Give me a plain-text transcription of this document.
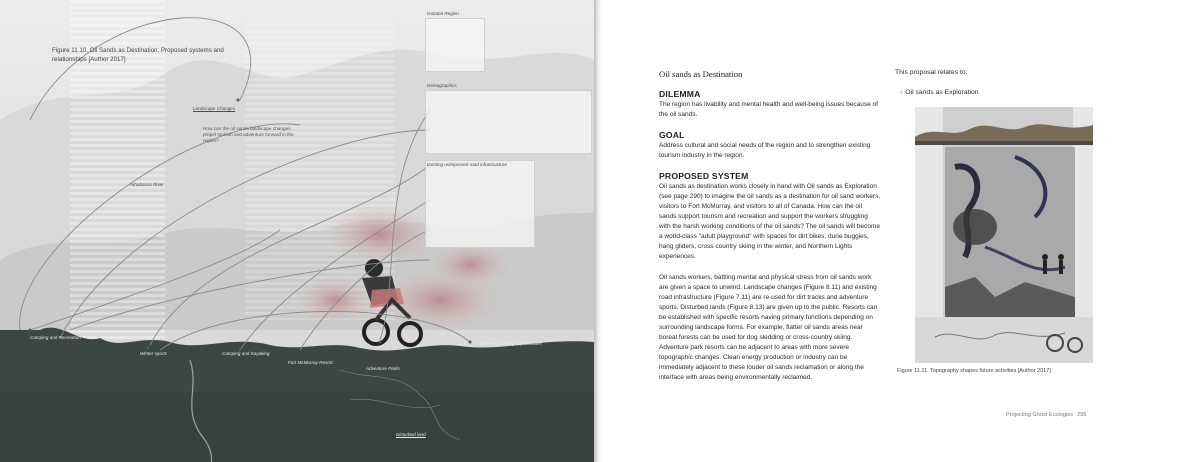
Isolated Region
Demographics
Existing unimproved road infrastructure
Figure 11.10. Oil Sands as Destination: Proposed systems and relationships [Author 2017]
How can the oil sands landscape changes propel tourism and adventure forward in the region?
Landscape Changes
Athabasca River
Camping and Recreation
Winter sports	Camping and Kayaking
Fort McMurray Resort
Adventure Parks
Night Sky viewing opportunities
Disturbed land
Oil sands as Destination
DILEMMA
The region has livability and mental health and well-being issues because of the oil sands.
GOAL
Address cultural and social needs of the region and to strengthen existing tourism industry in the region.
PROPOSED SYSTEM
Oil sands as destination works closely in hand with Oil sands as Exploration (see page 290) to imagine the oil sands as a destination for oil sand workers, visitors to Fort McMurray, and visitors to all of Canada. How can the oil sands support tourism and recreation and support the workers struggling with the harsh working conditions of the oil sands? The oil sands will become a world-class "adult playground" with spaces for dirt bikes, dune buggies, hang gliders, cross country skiing in the winter, and Northern Lights experiences.
Oil sands workers, battling mental and physical stress from oil sands work are given a space to unwind. Landscape changes (Figure 8.11) and existing road infrastructure (Figure 7.11) are re-used for dirt tracks and adventure sports. Disturbed lands (Figure 8.13) are given up to the public. Resorts can be established with specific resorts having primary functions depending on surrounding landscape forms. For example, flatter oil sands areas near boreal forests can be used for dog sledding or cross-country skiing. Adventure park resorts can be adjacent to areas with more severe topographic changes. Clean energy production or industry can be immediately adjacent to these louder oil sands reclamation or along the interface with areas being environmentally reclaimed.
This proposal relates to:
› Oil sands as Exploration
Figure 11.11. Topography shapes future activities [Author 2017]
Projecting Ghost Ecologies 295
